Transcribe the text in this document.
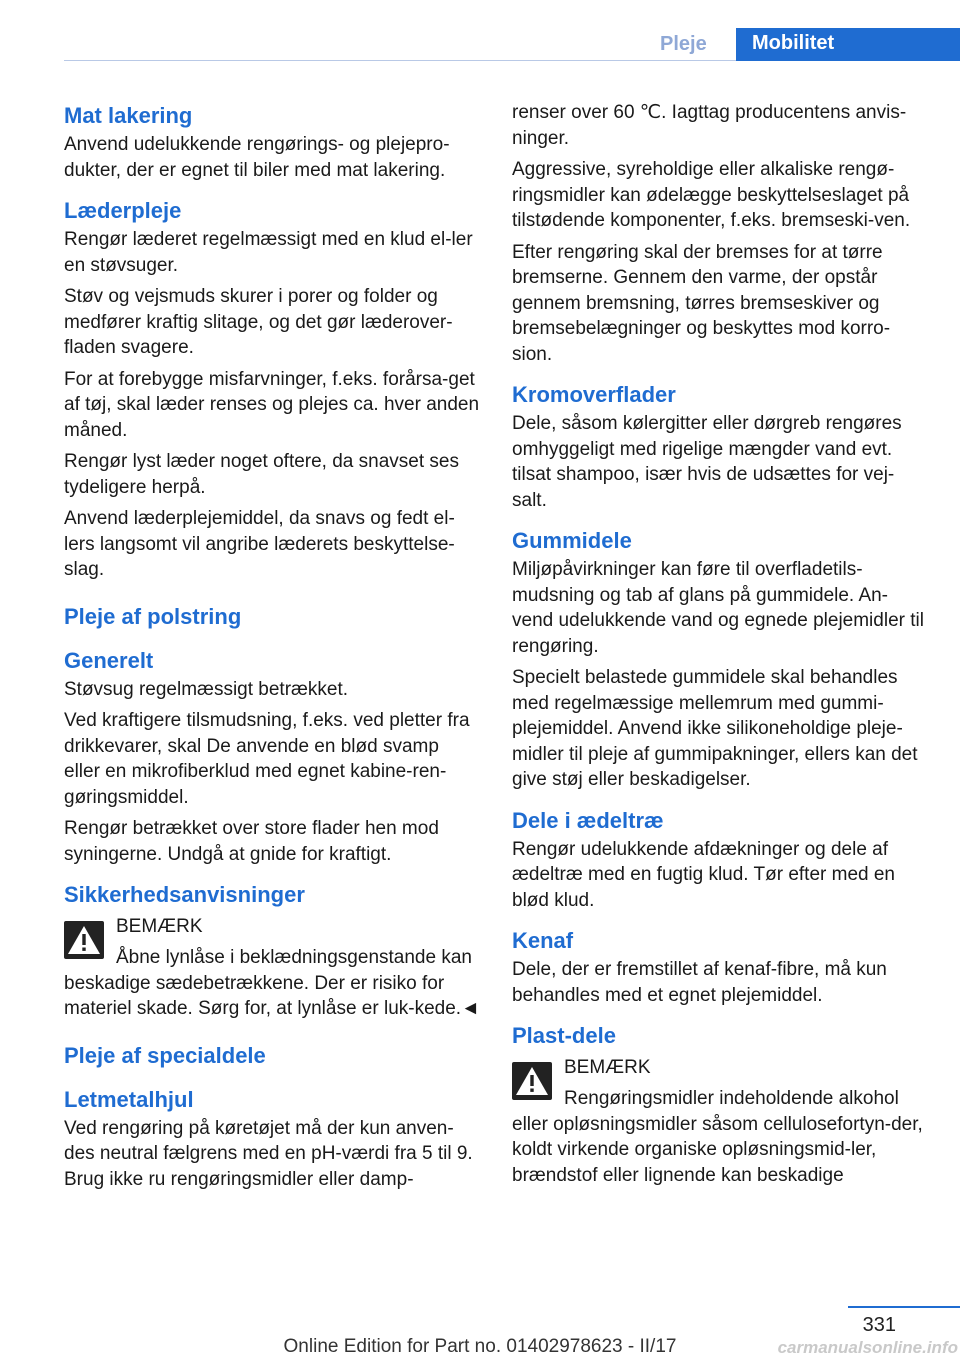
Pleje	Mobilitet
Mat lakering

Anvend udelukkende rengørings- og plejepro-dukter, der er egnet til biler med mat lakering.

Læderpleje

Rengør læderet regelmæssigt med en klud el-ler en støvsuger.

Støv og vejsmuds skurer i porer og folder og medfører kraftig slitage, og det gør læderover-fladen svagere.

For at forebygge misfarvninger, f.eks. forårsa-get af tøj, skal læder renses og plejes ca. hver anden måned.

Rengør lyst læder noget oftere, da snavset ses tydeligere herpå.

Anvend læderplejemiddel, da snavs og fedt el-lers langsomt vil angribe læderets beskyttelse-slag.

Pleje af polstring
Generelt

Støvsug regelmæssigt betrækket.

Ved kraftigere tilsmudsning, f.eks. ved pletter fra drikkevarer, skal De anvende en blød svamp eller en mikrofiberklud med egnet kabine-ren-gøringsmiddel.

Rengør betrækket over store flader hen mod syningerne. Undgå at gnide for kraftigt.

Sikkerhedsanvisninger
BEMÆRK

Åbne lynlåse i beklædningsgenstande kan beskadige sædebetrækkene. Der er risiko for materiel skade. Sørg for, at lynlåse er luk-kede.◄

Pleje af specialdele
Letmetalhjul

Ved rengøring på køretøjet må der kun anven-des neutral fælgrens med en pH-værdi fra 5 til 9. Brug ikke ru rengøringsmidler eller damp-

renser over 60 ℃. Iagttag producentens anvis-ninger.

Aggressive, syreholdige eller alkaliske rengø-ringsmidler kan ødelægge beskyttelseslaget på tilstødende komponenter, f.eks. bremseski-ven.

Efter rengøring skal der bremses for at tørre bremserne. Gennem den varme, der opstår gennem bremsning, tørres bremseskiver og bremsebelægninger og beskyttes mod korro-sion.

Kromoverflader

Dele, såsom kølergitter eller dørgreb rengøres omhyggeligt med rigelige mængder vand evt. tilsat shampoo, især hvis de udsættes for vej-salt.

Gummidele

Miljøpåvirkninger kan føre til overfladetils-mudsning og tab af glans på gummidele. An-vend udelukkende vand og egnede plejemidler til rengøring.

Specielt belastede gummidele skal behandles med regelmæssige mellemrum med gummi-plejemiddel. Anvend ikke silikoneholdige pleje-midler til pleje af gummipakninger, ellers kan det give støj eller beskadigelser.

Dele i ædeltræ

Rengør udelukkende afdækninger og dele af ædeltræ med en fugtig klud. Tør efter med en blød klud.

Kenaf

Dele, der er fremstillet af kenaf-fibre, må kun behandles med et egnet plejemiddel.

Plast-dele
BEMÆRK

Rengøringsmidler indeholdende alkohol eller opløsningsmidler såsom cellulosefortyn-der, koldt virkende organiske opløsningsmid-ler, brændstof eller lignende kan beskadige

331
Online Edition for Part no. 01402978623 - II/17	carmanualsonline.info
